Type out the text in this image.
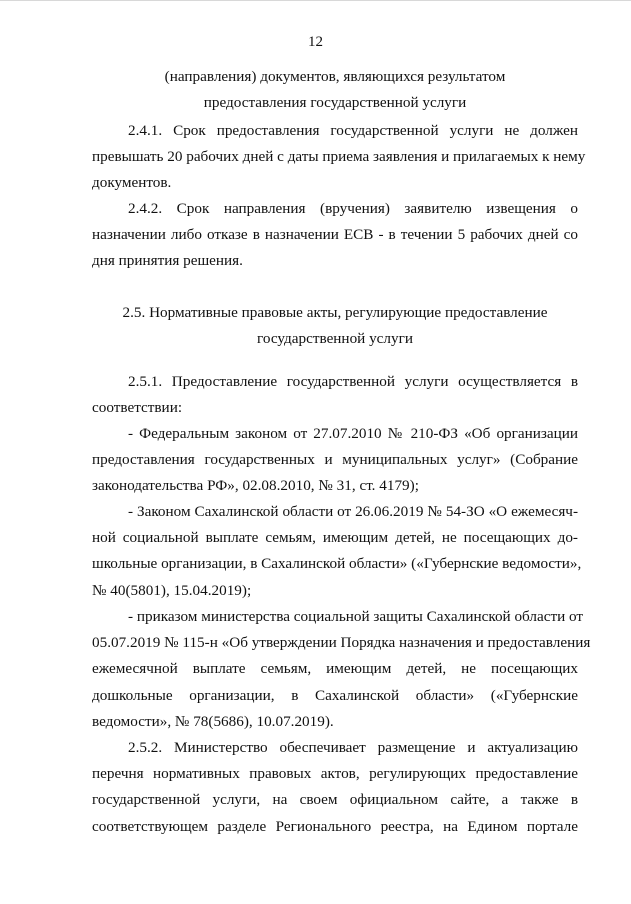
12
(направления) документов, являющихся результатом
предоставления государственной услуги
2.4.1. Срок предоставления государственной услуги не должен
превышать 20 рабочих дней с даты приема заявления и прилагаемых к нему
документов.
2.4.2. Срок направления (вручения) заявителю извещения о
назначении либо отказе в назначении ЕСВ - в течении 5 рабочих дней со
дня принятия решения.
2.5. Нормативные правовые акты, регулирующие предоставление
государственной услуги
2.5.1. Предоставление государственной услуги осуществляется в
соответствии:
- Федеральным законом от 27.07.2010 № 210-ФЗ «Об организации
предоставления государственных и муниципальных услуг» (Собрание
законодательства РФ», 02.08.2010, № 31, ст. 4179);
- Законом Сахалинской области от 26.06.2019 № 54-ЗО «О ежемесяч-
ной социальной выплате семьям, имеющим детей, не посещающих до-
школьные организации, в Сахалинской области» («Губернские ведомости»,
№ 40(5801), 15.04.2019);
- приказом министерства социальной защиты Сахалинской области от
05.07.2019 № 115-н «Об утверждении Порядка назначения и предоставления
ежемесячной выплате семьям, имеющим детей, не посещающих
дошкольные организации, в Сахалинской области» («Губернские
ведомости», № 78(5686), 10.07.2019).
2.5.2. Министерство обеспечивает размещение и актуализацию
перечня нормативных правовых актов, регулирующих предоставление
государственной услуги, на своем официальном сайте, а также в
соответствующем разделе Регионального реестра, на Едином портале
